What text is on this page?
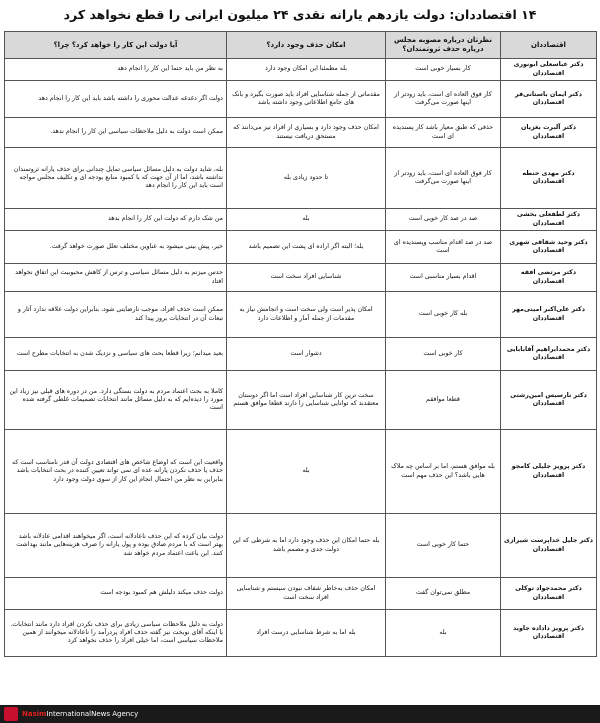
۱۴ اقتصاددان: دولت یازدهم یارانه نقدی ۲۴ میلیون ایرانی را قطع نخواهد کرد
اقتصاددان	نظرتان درباره مصوبه مجلس درباره حذف ثروتمندان؟	امکان حذف وجود دارد؟	آیا دولت این کار را خواهد کرد؟ چرا؟
دکتر عباسعلی ابونوری
اقتصاددان	کار بسیار خوبی است	بله مطمئنا این امکان وجود دارد	به نظر من باید حتما این کار را انجام دهد
دکتر ایمان باستانی‌فر
اقتصاددان	کار فوق العاده ای است، باید زودتر از اینها صورت می‌گرفت	مقدماتی از جمله شناسایی افراد باید صورت بگیرد و بانک های جامع اطلاعاتی وجود داشته باشد	دولت اگر دغدغه عدالت محوری را داشته باشد باید این کار را انجام دهد
دکتر آلبرت بغزیان
اقتصاددان	حذفی که طبق معیار باشد کار پسندیده ای است	امکان حذف وجود دارد و بسیاری از افراد نیز می‌دانند که مستحق دریافت نیستند	ممکن است دولت به دلیل ملاحظات سیاسی این کار را انجام ندهد.
دکتر مهدی حنطه
اقتصاددان	کار فوق العاده ای است، باید زودتر از اینها صورت می‌گرفت	تا حدود زیادی بله	بله، شاید دولت به دلیل مسائل سیاسی تمایل چندانی برای حذف یارانه ثروتمندان نداشته باشد، اما از آن جهت که با کمبود منابع بودجه ای و تکلیف مجلس مواجه است باید این کار را انجام دهد
دکتر لطفعلی بخشی
اقتصاددان	صد در صد کار خوبی است	بله	من شک دارم که دولت این کار را انجام بدهد
دکتر وحید شقاقی شهری
اقتصاددان	صد در صد اقدام مناسب وپسندیده ای است	بله؛ البته اگر اراده ای پشت این تصمیم باشد	خیر، پیش بینی میشود به عناوین مختلف تعلل صورت خواهد گرفت.
دکتر مرتضی افقه
اقتصاددان	اقدام بسیار مناسبی است	شناسایی افراد سخت است	حدس میزنم به دلیل مسائل سیاسی و ترس از کاهش محبوبیت این اتفاق نخواهد افتاد
دکتر علی‌اکبر امینی‌مهر
اقتصاددان	بله کار خوبی است	امکان پذیر است ولی سخت است و انجامش نیاز به مقدمات از جمله آمار و اطلاعات دارد	ممکن است حذف افراد، موجب نارضایتی شود، بنابراین دولت علاقه ندارد آثار و تبعات آن در انتخابات بروز پیدا کند
دکتر محمدابراهیم آقابابایی
اقتصاددان	کار خوبی است	دشوار است	بعید میدانم؛ زیرا قطعا بحث های سیاسی و نزدیک شدن به انتخابات مطرح است
دکتر نارسیس امین‌رشتی
اقتصاددان	قطعا موافقم	سخت ترین کار شناسایی افراد است اما اگر دوستان معتقدند که توانایی شناسایی را دارند قطعا موافق هستم	کاملا به بحث اعتماد مردم به دولت بستگی دارد. من در دوره های قبلی نیز زیاد این مورد را دیده‌ایم که به دلیل مسائل مانند انتخابات تصمیمات غلطی گرفته شده است
دکتر پرویز جلیلی کامجو
اقتصاددان	بله موافق هستم، اما بر اساس چه ملاک هایی باشد؟ این حذف مهم است	بله	واقعیت این است که اوضاع شاخص های اقتصادی دولت آن قدر نامناسب است که حذف یا حذف نکردن یارانه عده ای نمی تواند تعیین کننده در بحث انتخابات باشد بنابراین به نظر من احتمال انجام این کار از سوی دولت وجود دارد
دکتر جلیل خداپرست شیرازی
اقتصاددان	حتما کار خوبی است	بله حتما امکان این حذف وجود دارد اما به شرطی که این دولت جدی و مصمم باشد	دولت بیان کرده که این حذف ناعادلانه است، اگر میخواهند اقدامی عادلانه باشد بهتر است که با مردم صادق بوده و پول یارانه را صرف هزینه‌هایی مانند بهداشت کنند. این باعث اعتماد مردم خواهد شد
دکتر محمدجواد توکلی
اقتصاددان	مطلق نمی‌توان گفت	امکان حذف به‌خاطر شفاف نبودن سیستم و شناسایی افراد سخت است	دولت حذف میکند دلیلش هم کمبود بودجه است
دکتر پرویز داداده جاوید
اقتصاددان	بله	بله اما به شرط شناسایی درست افراد	دولت به دلیل ملاحظات سیاسی زیادی برای حذف نکردن افراد دارد مانند انتخابات. یا اینکه آقای نوبخت نیز گفته حذف افراد پردرآمد را ناعادلانه میخوانند از همین ملاحظات سیاسی است، اما خیلی افراد را حذف نخواهد کرد
NasimInternationalNews Agency
